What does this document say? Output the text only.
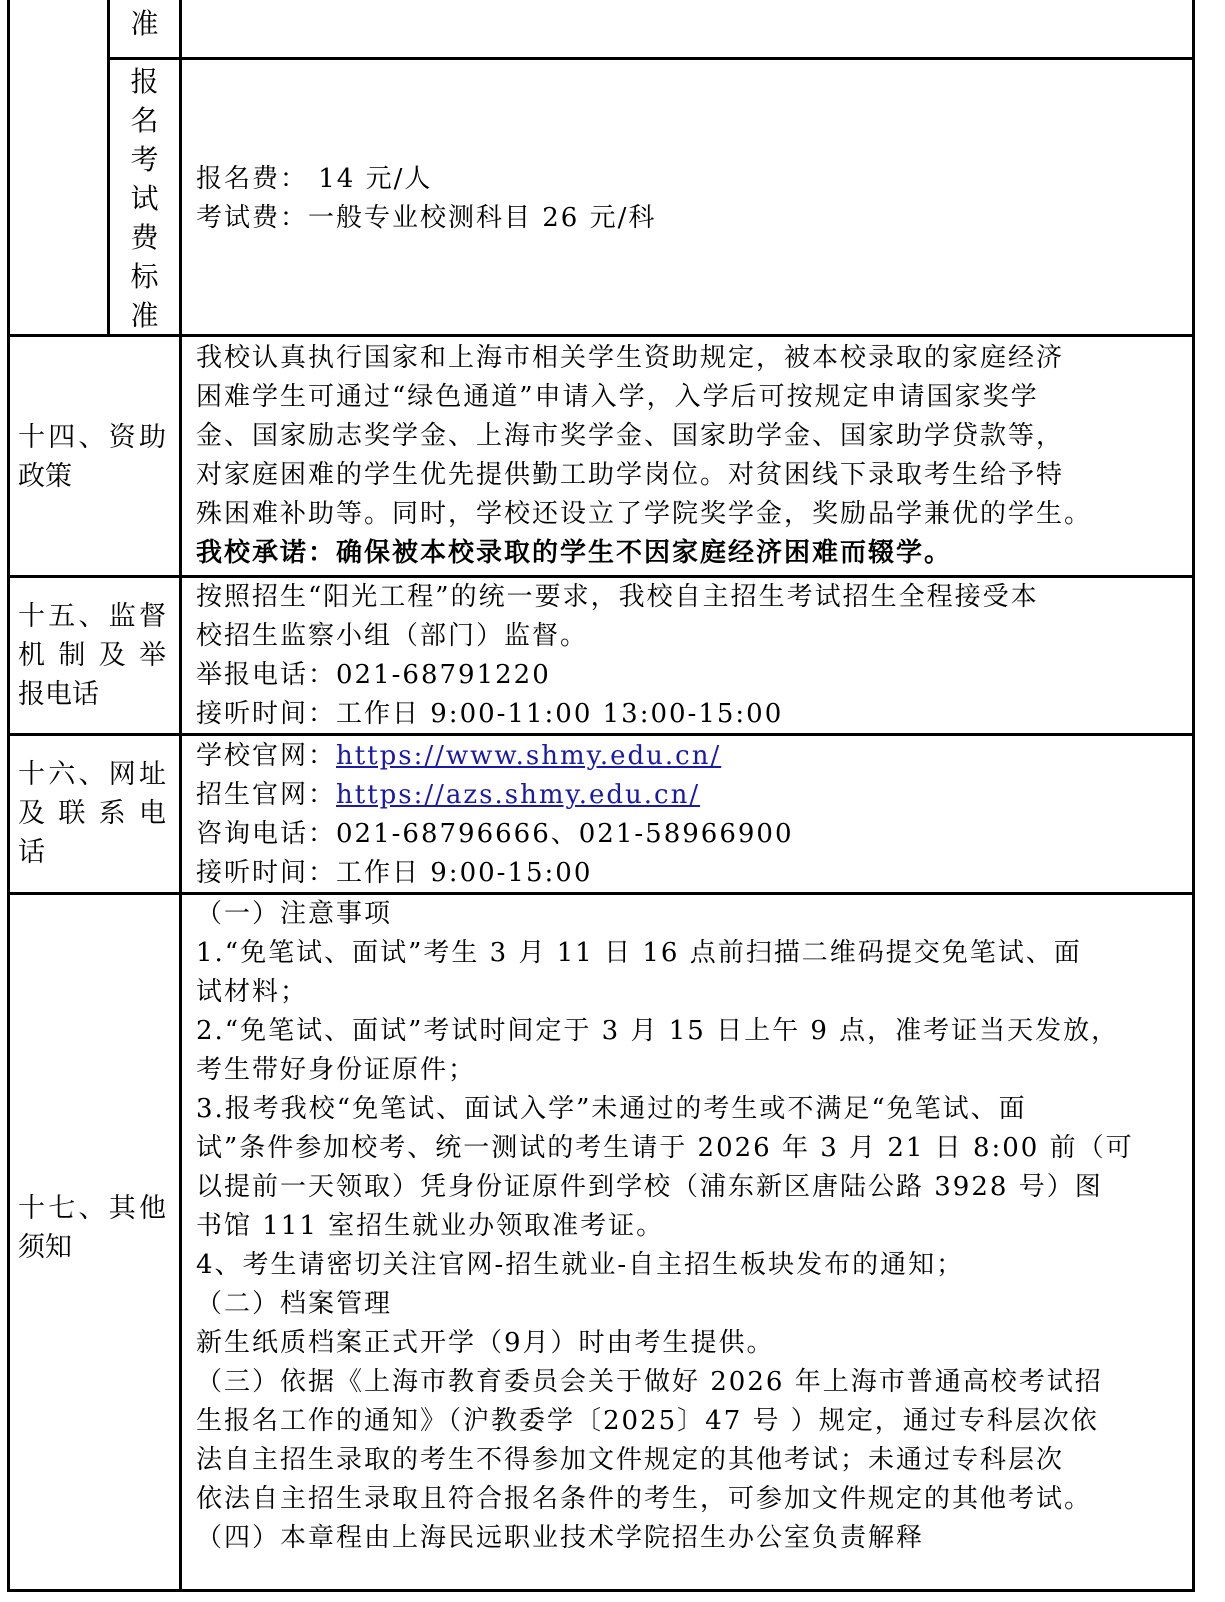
准
报
名
考
试
费
标
准

报名费： 14 元/人

考试费：一般专业校测科目 26 元/科

十四、资助
政策

我校认真执行国家和上海市相关学生资助规定，被本校录取的家庭经济

困难学生可通过“绿色通道”申请入学，入学后可按规定申请国家奖学

金、国家励志奖学金、上海市奖学金、国家助学金、国家助学贷款等，

对家庭困难的学生优先提供勤工助学岗位。对贫困线下录取考生给予特

殊困难补助等。同时，学校还设立了学院奖学金，奖励品学兼优的学生。

我校承诺：确保被本校录取的学生不因家庭经济困难而辍学。

十五、监督
机制及举
报电话

按照招生“阳光工程”的统一要求，我校自主招生考试招生全程接受本

校招生监察小组（部门）监督。

举报电话：021-68791220

接听时间：工作日 9:00-11:00 13:00-15:00

十六、网址
及联系电
话

学校官网：https://www.shmy.edu.cn/

招生官网：https://azs.shmy.edu.cn/

咨询电话：021-68796666、021-58966900

接听时间：工作日 9:00-15:00

十七、其他
须知

（一）注意事项

1.“免笔试、面试”考生 3 月 11 日 16 点前扫描二维码提交免笔试、面

试材料；

2.“免笔试、面试”考试时间定于 3 月 15 日上午 9 点，准考证当天发放，

考生带好身份证原件；

3.报考我校“免笔试、面试入学”未通过的考生或不满足“免笔试、面

试”条件参加校考、统一测试的考生请于 2026 年 3 月 21 日 8:00 前（可

以提前一天领取）凭身份证原件到学校（浦东新区唐陆公路 3928 号）图

书馆 111 室招生就业办领取准考证。

4、考生请密切关注官网-招生就业-自主招生板块发布的通知；

（二）档案管理

新生纸质档案正式开学（9月）时由考生提供。

（三）依据《上海市教育委员会关于做好 2026 年上海市普通高校考试招

生报名工作的通知》（沪教委学〔2025〕47 号 ）规定，通过专科层次依

法自主招生录取的考生不得参加文件规定的其他考试；未通过专科层次

依法自主招生录取且符合报名条件的考生，可参加文件规定的其他考试。

（四）本章程由上海民远职业技术学院招生办公室负责解释
